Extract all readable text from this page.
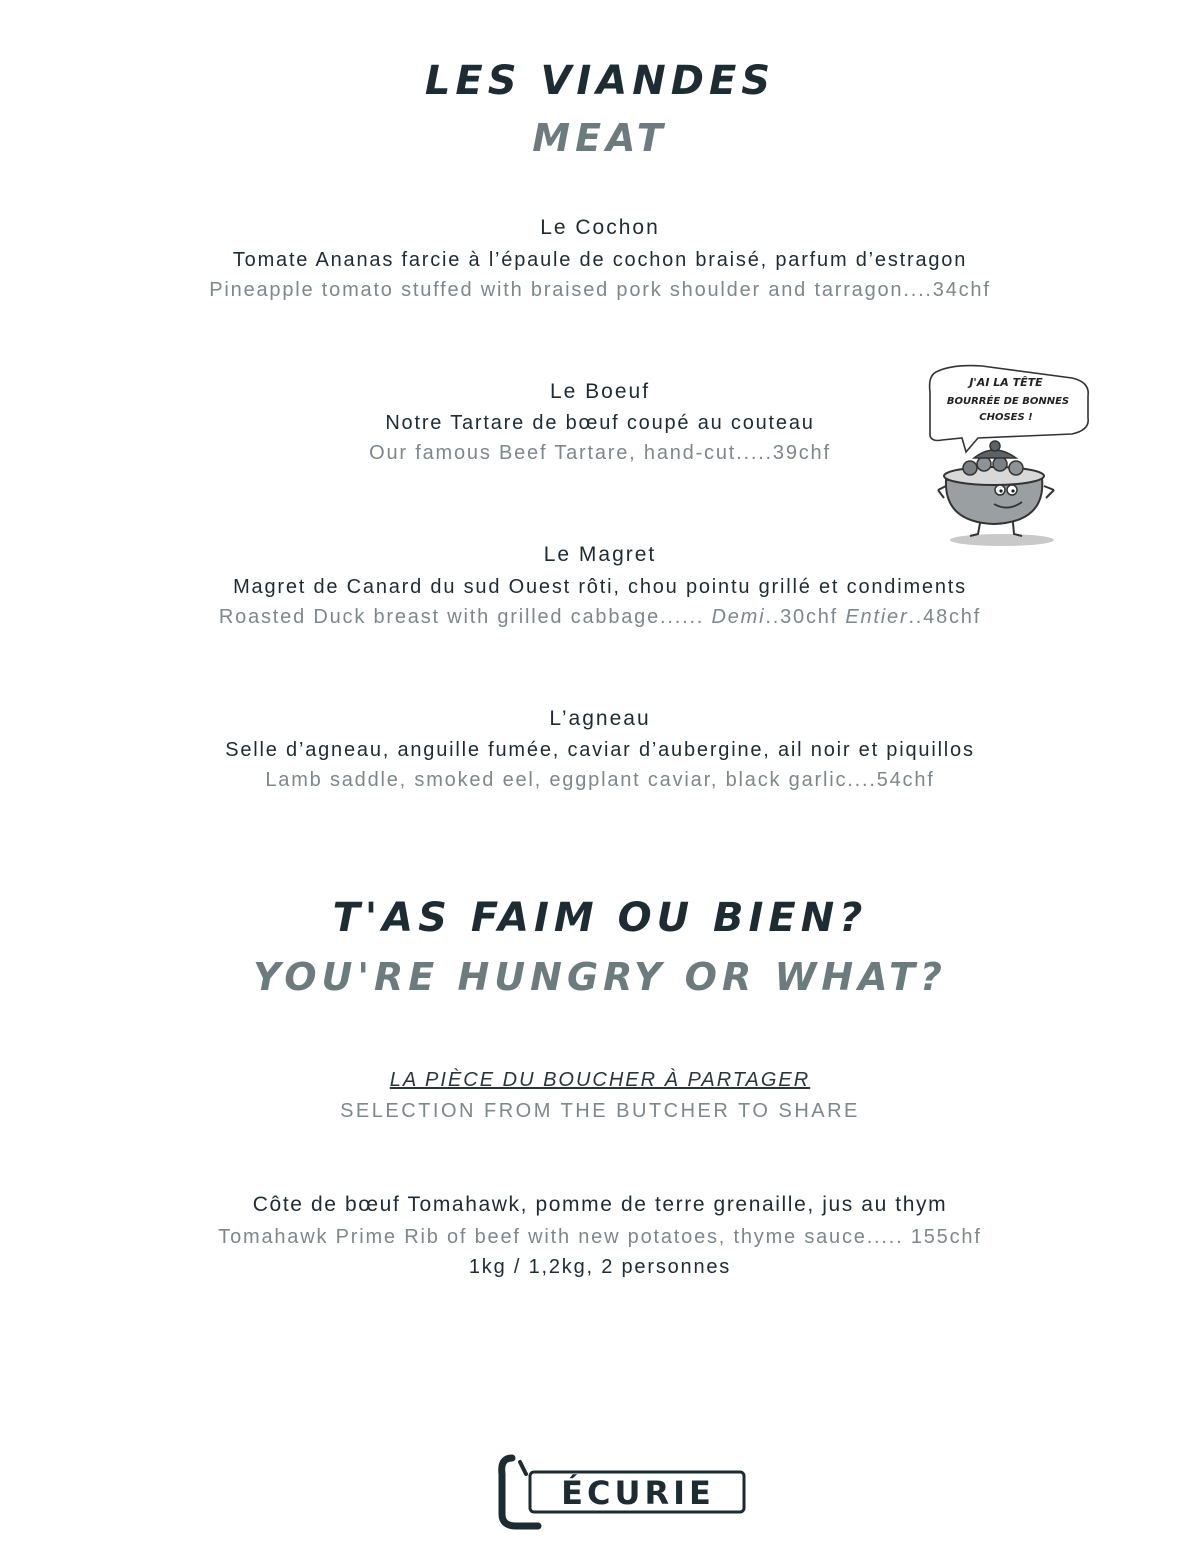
LES VIANDES
MEAT
Le Cochon
Tomate Ananas farcie à l’épaule de cochon braisé, parfum d’estragon
Pineapple tomato stuffed with braised pork shoulder and tarragon....34chf
Le Boeuf
Notre Tartare de bœuf coupé au couteau
Our famous Beef Tartare, hand-cut.....39chf
Le Magret
Magret de Canard du sud Ouest rôti, chou pointu grillé et condiments
Roasted Duck breast with grilled cabbage...... Demi..30chf Entier..48chf
L’agneau
Selle d’agneau, anguille fumée, caviar d’aubergine, ail noir et piquillos
Lamb saddle, smoked eel, eggplant caviar, black garlic....54chf
T'AS FAIM OU BIEN?
YOU'RE HUNGRY OR WHAT?
LA PIÈCE DU BOUCHER À PARTAGER
SELECTION FROM THE BUTCHER TO SHARE
Côte de bœuf Tomahawk, pomme de terre grenaille, jus au thym
Tomahawk Prime Rib of beef with new potatoes, thyme sauce..... 155chf
1kg / 1,2kg, 2 personnes
J'AI LA TÊTE
BOURRÉE DE BONNES
CHOSES !
ÉCURIE
